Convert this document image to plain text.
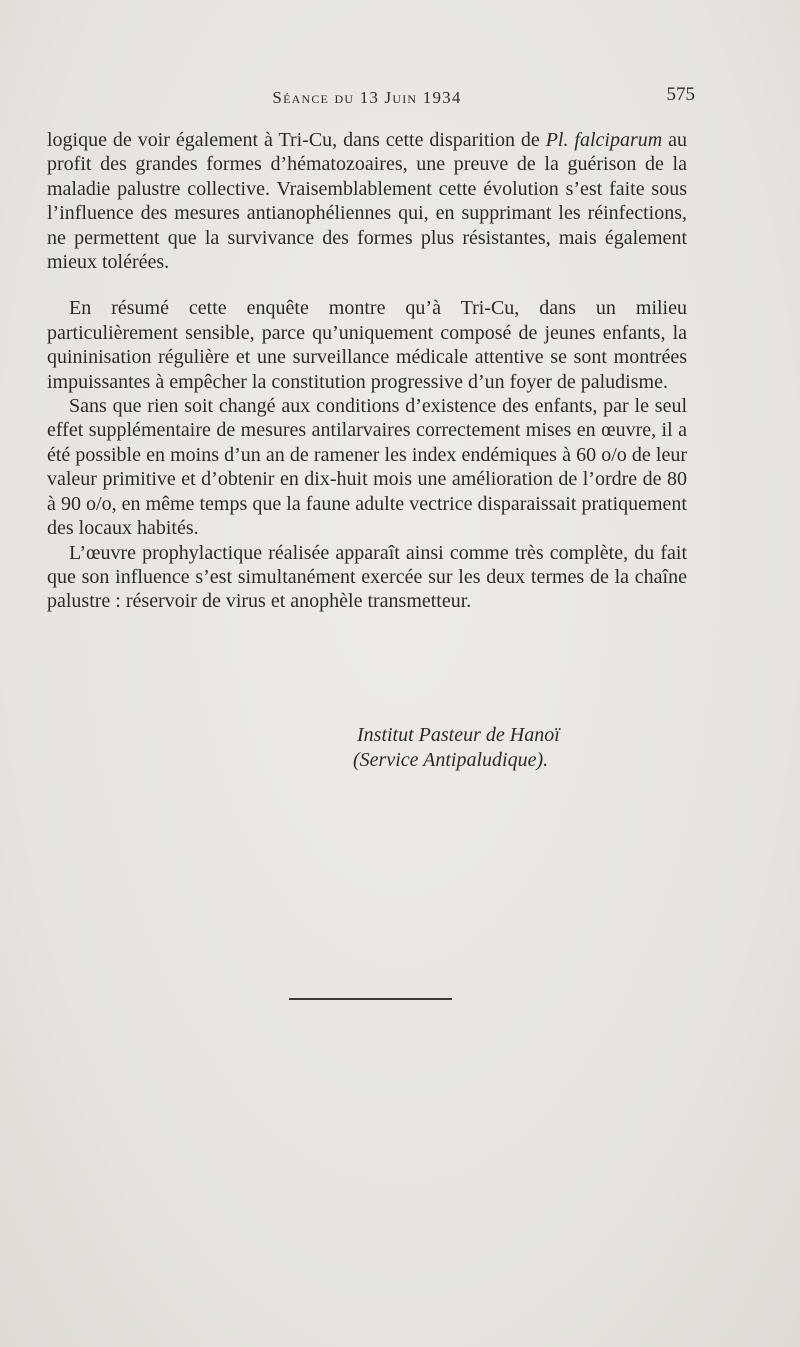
Séance du 13 Juin 1934	575

logique de voir également à Tri-Cu, dans cette disparition de Pl. falciparum au profit des grandes formes d’hématozoaires, une preuve de la guérison de la maladie palustre collective. Vraisemblablement cette évolution s’est faite sous l’influence des mesures antianophéliennes qui, en supprimant les réinfections, ne permettent que la survivance des formes plus résistantes, mais également mieux tolérées.

En résumé cette enquête montre qu’à Tri-Cu, dans un milieu particulièrement sensible, parce qu’uniquement composé de jeunes enfants, la quininisation régulière et une surveillance médicale attentive se sont montrées impuissantes à empêcher la constitution progressive d’un foyer de paludisme.

Sans que rien soit changé aux conditions d’existence des enfants, par le seul effet supplémentaire de mesures antilarvaires correctement mises en œuvre, il a été possible en moins d’un an de ramener les index endémiques à 60 o/o de leur valeur primitive et d’obtenir en dix-huit mois une amélioration de l’ordre de 80 à 90 o/o, en même temps que la faune adulte vectrice disparaissait pratiquement des locaux habités.

L’œuvre prophylactique réalisée apparaît ainsi comme très complète, du fait que son influence s’est simultanément exercée sur les deux termes de la chaîne palustre : réservoir de virus et anophèle transmetteur.

Institut Pasteur de Hanoï
(Service Antipaludique).
